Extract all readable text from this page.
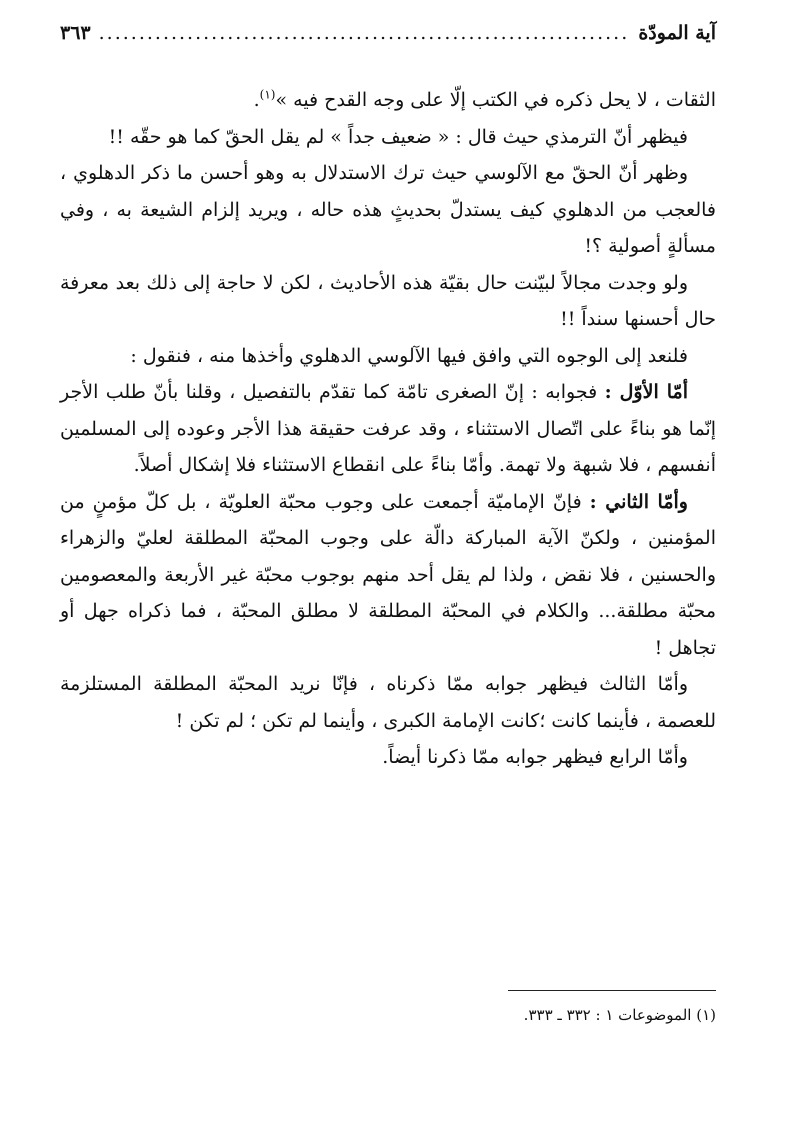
آية المودّة
.....
٣٦٣

الثقات ، لا يحل ذكره في الكتب إلّا على وجه القدح فيه »$^{(١)}$.

فيظهر أنّ الترمذي حيث قال : « ضعيف جداً » لم يقل الحقّ كما هو حقّه !!

وظهر أنّ الحقّ مع الآلوسي حيث ترك الاستدلال به وهو أحسن ما ذكر الدهلوي ، فالعجب من الدهلوي كيف يستدلّ بحديثٍ هذه حاله ، ويريد إلزام الشيعة به ، وفي مسألةٍ أصولية ؟!

ولو وجدت مجالاً لبيّنت حال بقيّة هذه الأحاديث ، لكن لا حاجة إلى ذلك بعد معرفة حال أحسنها سنداً !!

فلنعد إلى الوجوه التي وافق فيها الآلوسي الدهلوي وأخذها منه ، فنقول :

أمّا الأوّل : فجوابه : إنّ الصغرى تامّة كما تقدّم بالتفصيل ، وقلنا بأنّ طلب الأجر إنّما هو بناءً على اتّصال الاستثناء ، وقد عرفت حقيقة هذا الأجر وعوده إلى المسلمين أنفسهم ، فلا شبهة ولا تهمة. وأمّا بناءً على انقطاع الاستثناء فلا إشكال أصلاً.

وأمّا الثاني : فإنّ الإماميّة أجمعت على وجوب محبّة العلويّة ، بل كلّ مؤمنٍ من المؤمنين ، ولكنّ الآية المباركة دالّة على وجوب المحبّة المطلقة لعليّ والزهراء والحسنين ، فلا نقض ، ولذا لم يقل أحد منهم بوجوب محبّة غير الأربعة والمعصومين محبّة مطلقة... والكلام في المحبّة المطلقة لا مطلق المحبّة ، فما ذكراه جهل أو تجاهل !

وأمّا الثالث فيظهر جوابه ممّا ذكرناه ، فإنّا نريد المحبّة المطلقة المستلزمة للعصمة ، فأينما كانت ؛كانت الإمامة الكبرى ، وأينما لم تكن ؛ لم تكن !

وأمّا الرابع فيظهر جوابه ممّا ذكرنا أيضاً.

(١) الموضوعات ١ : ٣٣٢ ـ ٣٣٣.
